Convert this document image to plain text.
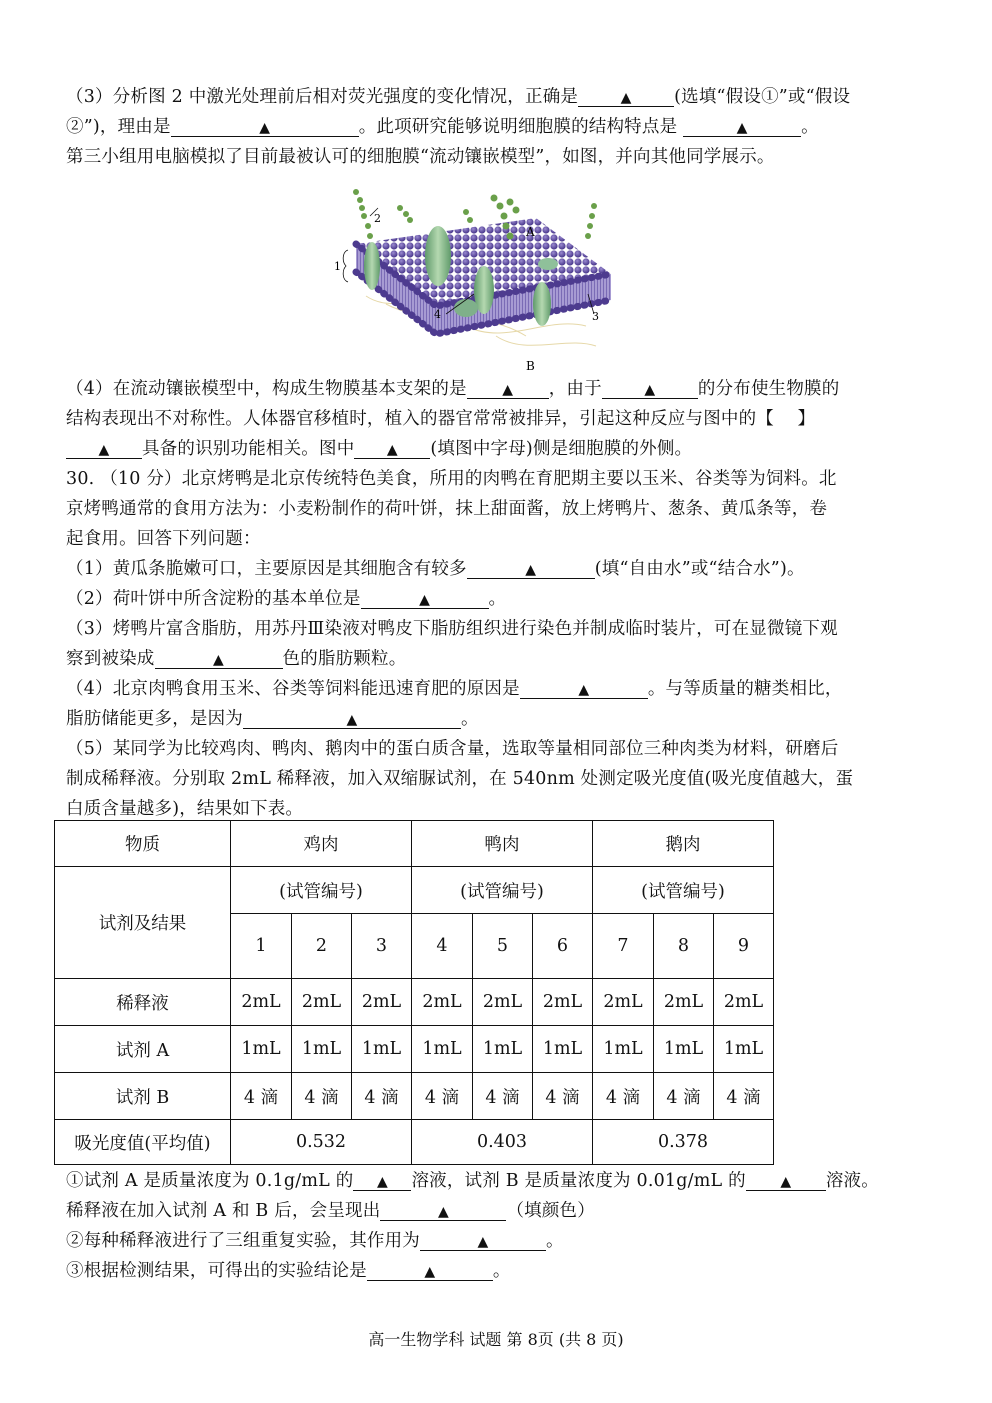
（3）分析图 2 中激光处理前后相对荧光强度的变化情况，正确是	▲ (选填“假设①”或“假设
②”)，理由是	▲	。此项研究能够说明细胞膜的结构特点是	▲	。
第三小组用电脑模拟了目前最被认可的细胞膜“流动镶嵌模型”，如图，并向其他同学展示。
2
1
4	3
A
B
（4）在流动镶嵌模型中，构成生物膜基本支架的是	▲ ，由于	▲ 的分布使生物膜的
结构表现出不对称性。人体器官移植时，植入的器官常常被排异，引起这种反应与图中的【　 】
▲ 具备的识别功能相关。图中 ▲ (填图中字母)侧是细胞膜的外侧。
30. （10 分）北京烤鸭是北京传统特色美食，所用的肉鸭在育肥期主要以玉米、谷类等为饲料。北
京烤鸭通常的食用方法为：小麦粉制作的荷叶饼，抹上甜面酱，放上烤鸭片、葱条、黄瓜条等，卷
起食用。回答下列问题：
（1）黄瓜条脆嫩可口，主要原因是其细胞含有较多	▲	(填“自由水”或“结合水”)。
（2）荷叶饼中所含淀粉的基本单位是	▲	。
（3）烤鸭片富含脂肪，用苏丹Ⅲ染液对鸭皮下脂肪组织进行染色并制成临时装片，可在显微镜下观
察到被染成	▲	色的脂肪颗粒。
（4）北京肉鸭食用玉米、谷类等饲料能迅速育肥的原因是	▲	。与等质量的糖类相比，
脂肪储能更多，是因为	▲	。
（5）某同学为比较鸡肉、鸭肉、鹅肉中的蛋白质含量，选取等量相同部位三种肉类为材料，研磨后
制成稀释液。分别取 2mL 稀释液，加入双缩脲试剂，在 540nm 处测定吸光度值(吸光度值越大，蛋
白质含量越多)，结果如下表。
物质	鸡肉			鸭肉			鹅肉		
试剂及结果	(试管编号)			(试管编号)			(试管编号)		
	1	2	3	4	5	6	7	8	9
稀释液	2mL	2mL	2mL	2mL	2mL	2mL	2mL	2mL	2mL
试剂 A	1mL	1mL	1mL	1mL	1mL	1mL	1mL	1mL	1mL
试剂 B	4 滴	4 滴	4 滴	4 滴	4 滴	4 滴	4 滴	4 滴	4 滴
吸光度值(平均值)	0.532			0.403			0.378		
①试剂 A 是质量浓度为 0.1g/mL 的 ▲ 溶液，试剂 B 是质量浓度为 0.01g/mL 的 ▲ 溶液。
稀释液在加入试剂 A 和 B 后，会呈现出	▲	（填颜色）
②每种稀释液进行了三组重复实验，其作用为	▲	。
③根据检测结果，可得出的实验结论是	▲	。
高一生物学科 试题 第 8页 (共 8 页)
